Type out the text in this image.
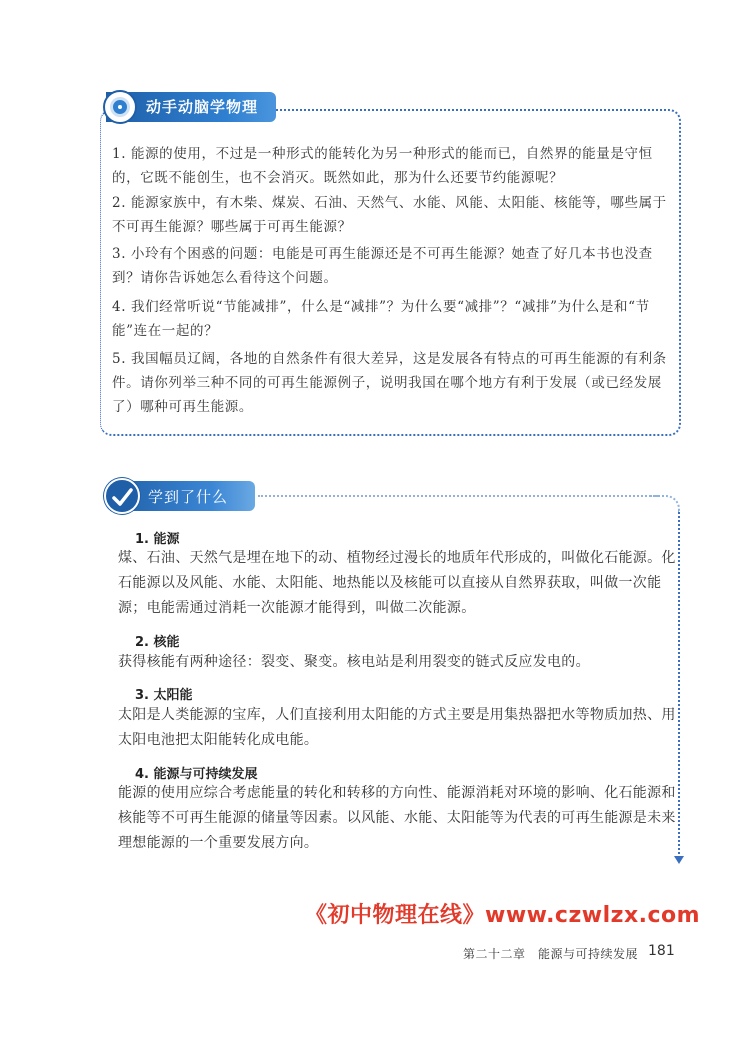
动手动脑学物理
1. 能源的使用，不过是一种形式的能转化为另一种形式的能而已，自然界的能量是守恒的，它既不能创生，也不会消灭。既然如此，那为什么还要节约能源呢？
2. 能源家族中，有木柴、煤炭、石油、天然气、水能、风能、太阳能、核能等，哪些属于不可再生能源？哪些属于可再生能源？
3. 小玲有个困惑的问题：电能是可再生能源还是不可再生能源？她查了好几本书也没查到？请你告诉她怎么看待这个问题。
4. 我们经常听说“节能减排”，什么是“减排”？为什么要“减排”？“减排”为什么是和“节能”连在一起的？
5. 我国幅员辽阔，各地的自然条件有很大差异，这是发展各有特点的可再生能源的有利条件。请你列举三种不同的可再生能源例子，说明我国在哪个地方有利于发展（或已经发展了）哪种可再生能源。
学到了什么
1. 能源
煤、石油、天然气是埋在地下的动、植物经过漫长的地质年代形成的，叫做化石能源。化石能源以及风能、水能、太阳能、地热能以及核能可以直接从自然界获取，叫做一次能源；电能需通过消耗一次能源才能得到，叫做二次能源。
2. 核能
获得核能有两种途径：裂变、聚变。核电站是利用裂变的链式反应发电的。
3. 太阳能
太阳是人类能源的宝库，人们直接利用太阳能的方式主要是用集热器把水等物质加热、用太阳电池把太阳能转化成电能。
4. 能源与可持续发展
能源的使用应综合考虑能量的转化和转移的方向性、能源消耗对环境的影响、化石能源和核能等不可再生能源的储量等因素。以风能、水能、太阳能等为代表的可再生能源是未来理想能源的一个重要发展方向。
《初中物理在线》www.czwlzx.com
第二十二章　能源与可持续发展 181
